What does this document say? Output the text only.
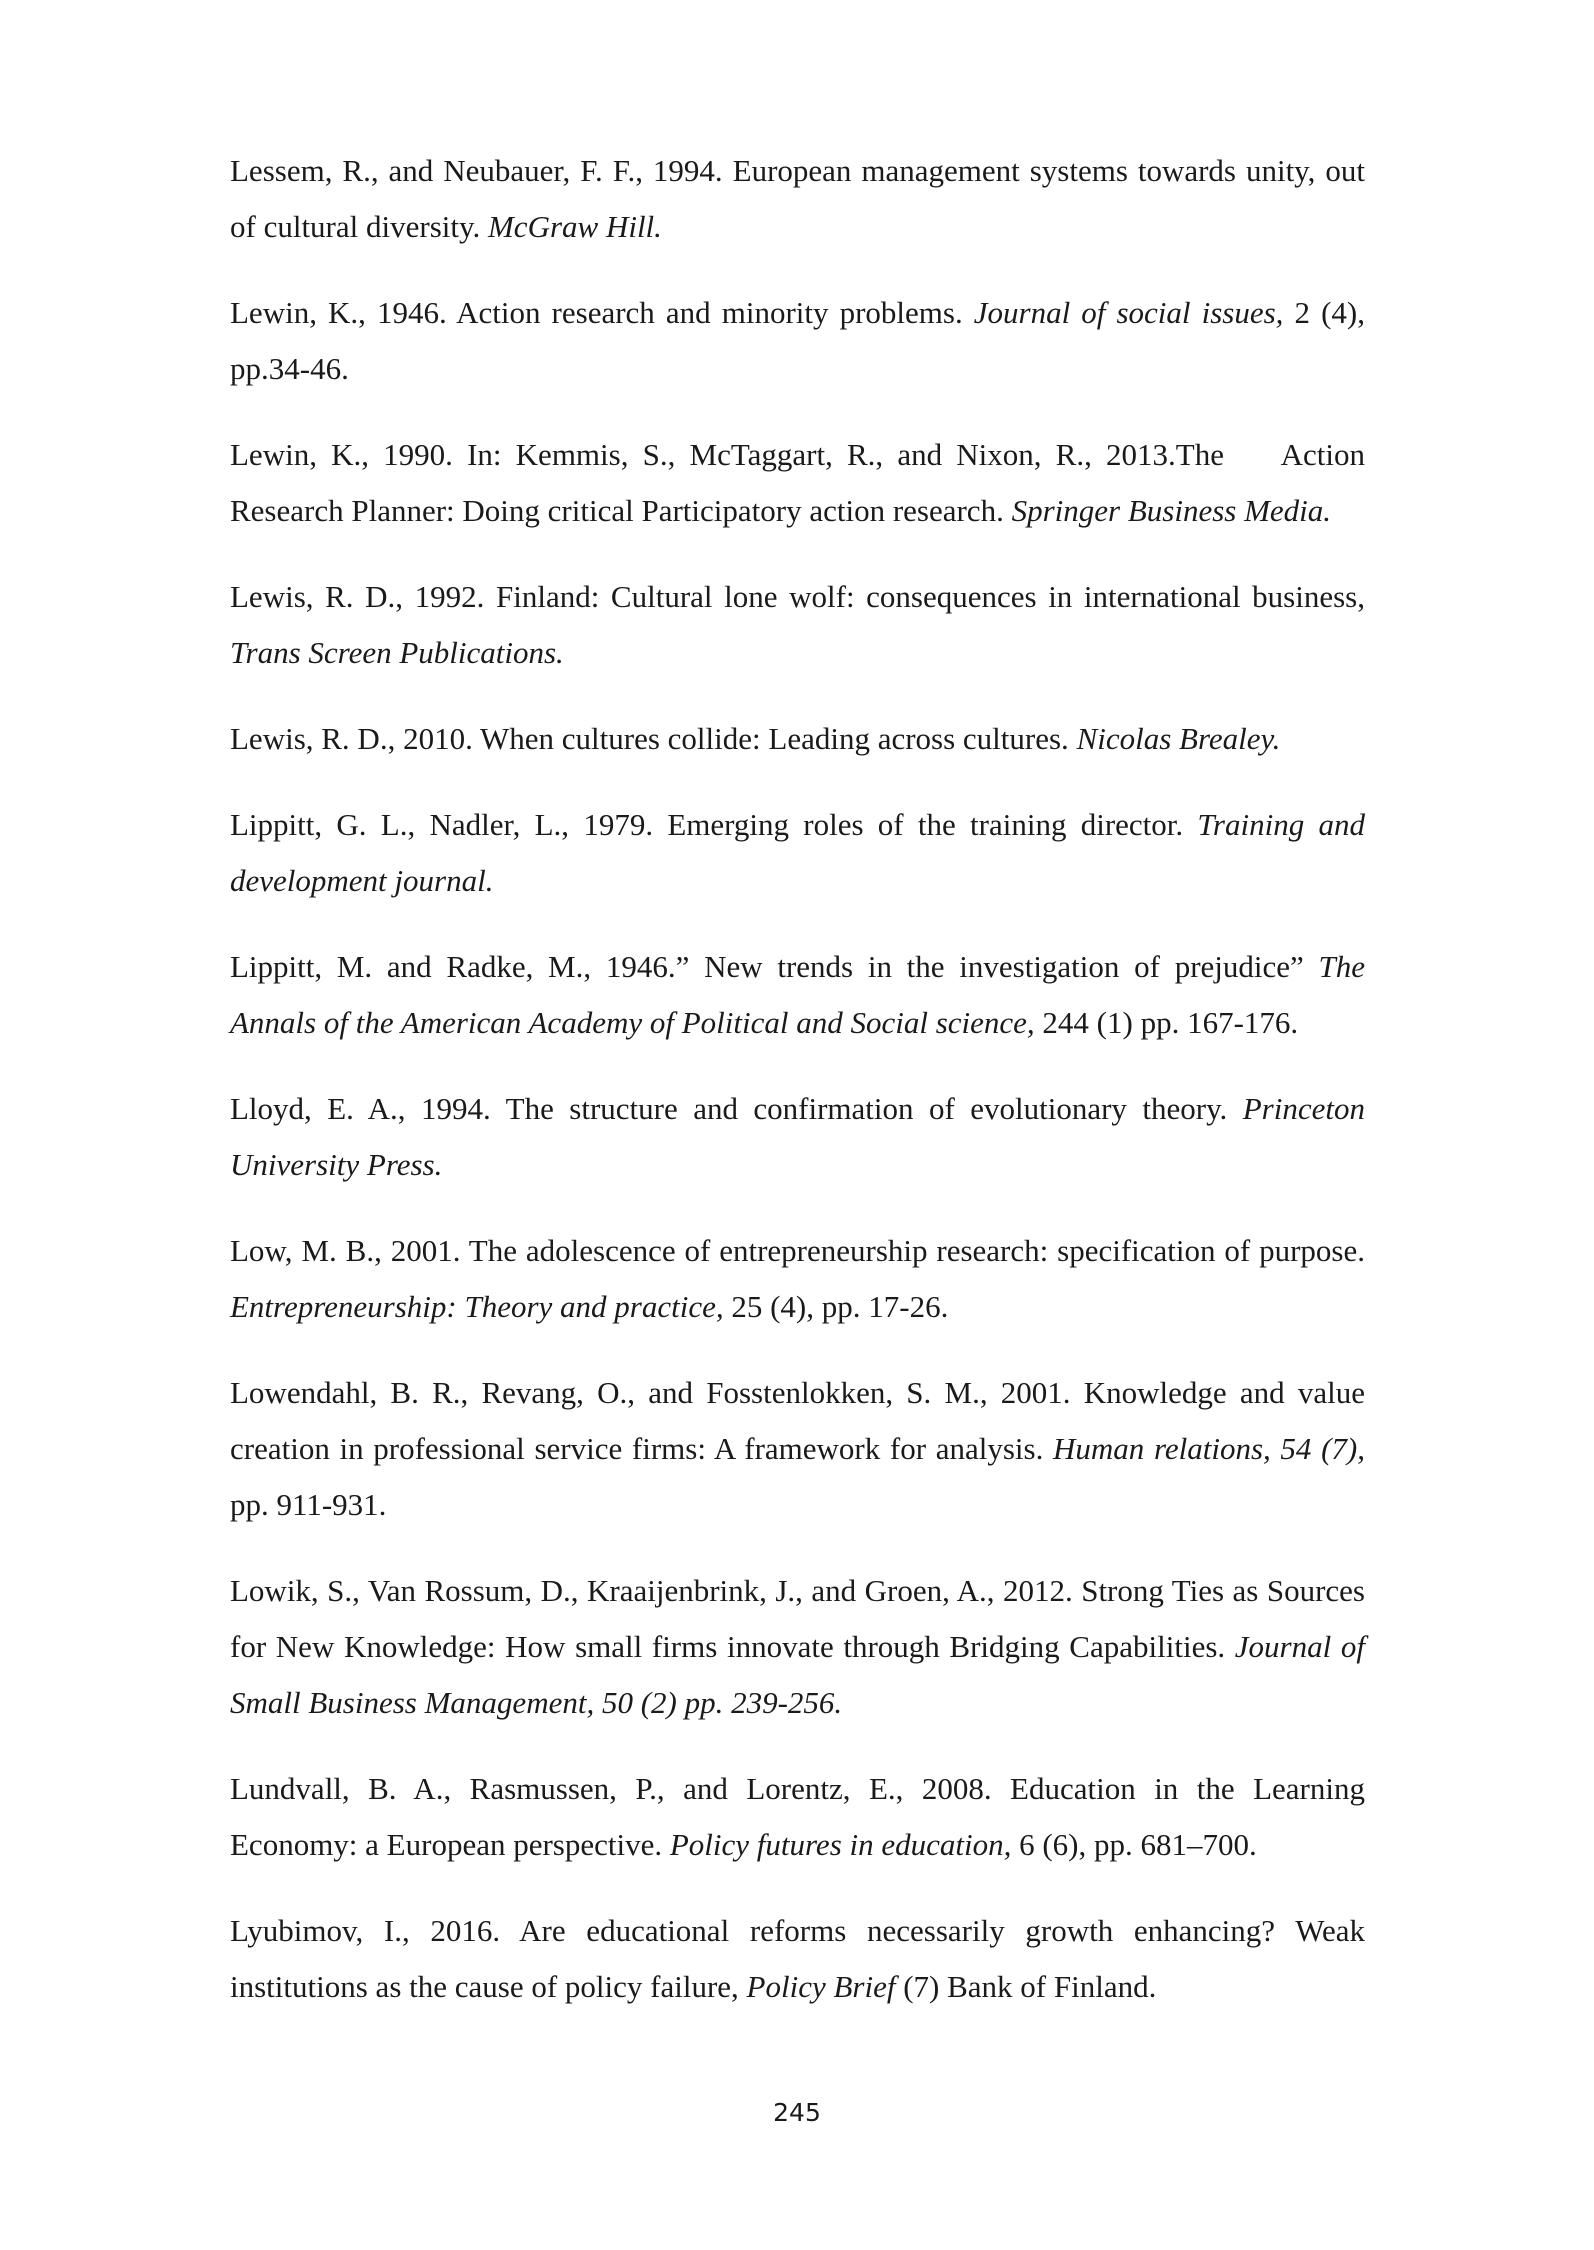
Lessem, R., and Neubauer, F. F., 1994. European management systems towards unity, out of cultural diversity. McGraw Hill.
Lewin, K., 1946. Action research and minority problems. Journal of social issues, 2 (4), pp.34-46.
Lewin, K., 1990. In: Kemmis, S., McTaggart, R., and Nixon, R., 2013.The    Action Research Planner: Doing critical Participatory action research. Springer Business Media.
Lewis, R. D., 1992. Finland: Cultural lone wolf: consequences in international business, Trans Screen Publications.
Lewis, R. D., 2010. When cultures collide: Leading across cultures. Nicolas Brealey.
Lippitt, G. L., Nadler, L., 1979. Emerging roles of the training director. Training and development journal.
Lippitt, M. and Radke, M., 1946.” New trends in the investigation of prejudice” The Annals of the American Academy of Political and Social science, 244 (1) pp. 167-176.
Lloyd, E. A., 1994. The structure and confirmation of evolutionary theory. Princeton University Press.
Low, M. B., 2001. The adolescence of entrepreneurship research: specification of purpose. Entrepreneurship: Theory and practice, 25 (4), pp. 17-26.
Lowendahl, B. R., Revang, O., and Fosstenlokken, S. M., 2001. Knowledge and value creation in professional service firms: A framework for analysis. Human relations, 54 (7), pp. 911-931.
Lowik, S., Van Rossum, D., Kraaijenbrink, J., and Groen, A., 2012. Strong Ties as Sources for New Knowledge: How small firms innovate through Bridging Capabilities. Journal of Small Business Management, 50 (2) pp. 239-256.
Lundvall, B. A., Rasmussen, P., and Lorentz, E., 2008. Education in the Learning Economy: a European perspective. Policy futures in education, 6 (6), pp. 681–700.
Lyubimov, I., 2016. Are educational reforms necessarily growth enhancing? Weak institutions as the cause of policy failure, Policy Brief (7) Bank of Finland.
245
